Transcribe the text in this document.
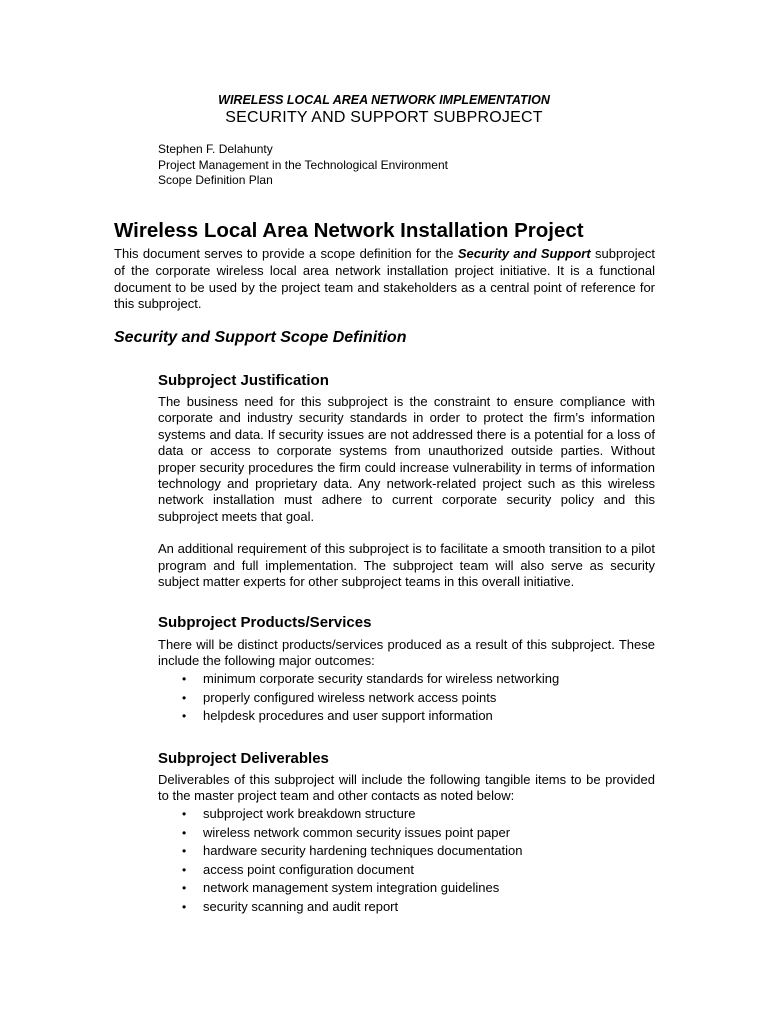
WIRELESS LOCAL AREA NETWORK IMPLEMENTATION
SECURITY AND SUPPORT SUBPROJECT
Stephen F. Delahunty
Project Management in the Technological Environment
Scope Definition Plan
Wireless Local Area Network Installation Project
This document serves to provide a scope definition for the Security and Support subproject of the corporate wireless local area network installation project initiative. It is a functional document to be used by the project team and stakeholders as a central point of reference for this subproject.
Security and Support Scope Definition
Subproject Justification

The business need for this subproject is the constraint to ensure compliance with corporate and industry security standards in order to protect the firm’s information systems and data. If security issues are not addressed there is a potential for a loss of data or access to corporate systems from unauthorized outside parties. Without proper security procedures the firm could increase vulnerability in terms of information technology and proprietary data. Any network-related project such as this wireless network installation must adhere to current corporate security policy and this subproject meets that goal.

An additional requirement of this subproject is to facilitate a smooth transition to a pilot program and full implementation. The subproject team will also serve as security subject matter experts for other subproject teams in this overall initiative.

Subproject Products/Services
There will be distinct products/services produced as a result of this subproject. These include the following major outcomes:
• minimum corporate security standards for wireless networking
• properly configured wireless network access points
• helpdesk procedures and user support information
Subproject Deliverables
Deliverables of this subproject will include the following tangible items to be provided to the master project team and other contacts as noted below:
• subproject work breakdown structure
• wireless network common security issues point paper
• hardware security hardening techniques documentation
• access point configuration document
• network management system integration guidelines
• security scanning and audit report
